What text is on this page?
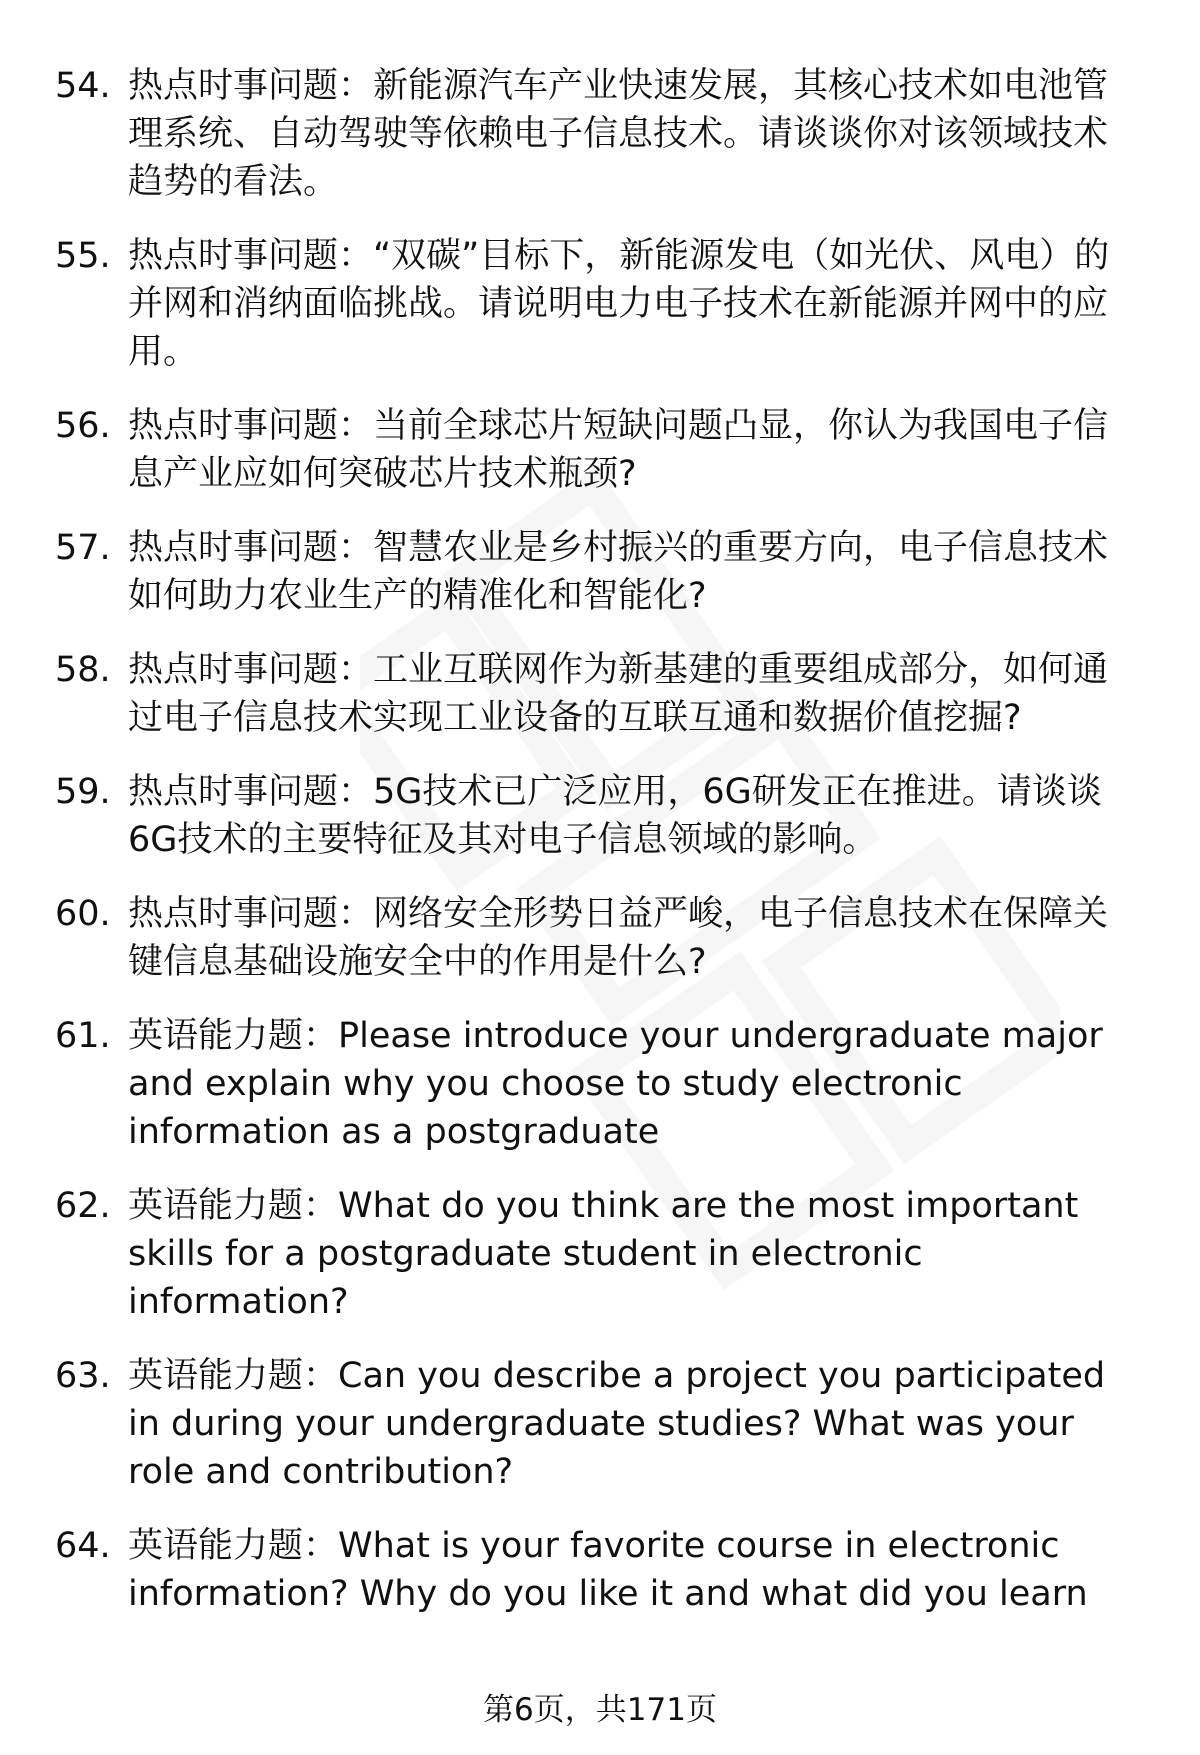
54. 热点时事问题：新能源汽车产业快速发展，其核心技术如电池管理系统、自动驾驶等依赖电子信息技术。请谈谈你对该领域技术趋势的看法。
55. 热点时事问题：“双碳”目标下，新能源发电（如光伏、风电）的并网和消纳面临挑战。请说明电力电子技术在新能源并网中的应用。
56. 热点时事问题：当前全球芯片短缺问题凸显，你认为我国电子信息产业应如何突破芯片技术瓶颈?
57. 热点时事问题：智慧农业是乡村振兴的重要方向，电子信息技术如何助力农业生产的精准化和智能化?
58. 热点时事问题：工业互联网作为新基建的重要组成部分，如何通过电子信息技术实现工业设备的互联互通和数据价值挖掘?
59. 热点时事问题：5G技术已广泛应用，6G研发正在推进。请谈谈6G技术的主要特征及其对电子信息领域的影响。
60. 热点时事问题：网络安全形势日益严峻，电子信息技术在保障关键信息基础设施安全中的作用是什么?
61. 英语能力题：Please introduce your undergraduate major and explain why you choose to study electronic information as a postgraduate
62. 英语能力题：What do you think are the most important skills for a postgraduate student in electronic information?
63. 英语能力题：Can you describe a project you participated in during your undergraduate studies? What was your role and contribution?
64. 英语能力题：What is your favorite course in electronic information? Why do you like it and what did you learn
第6页，共171页
